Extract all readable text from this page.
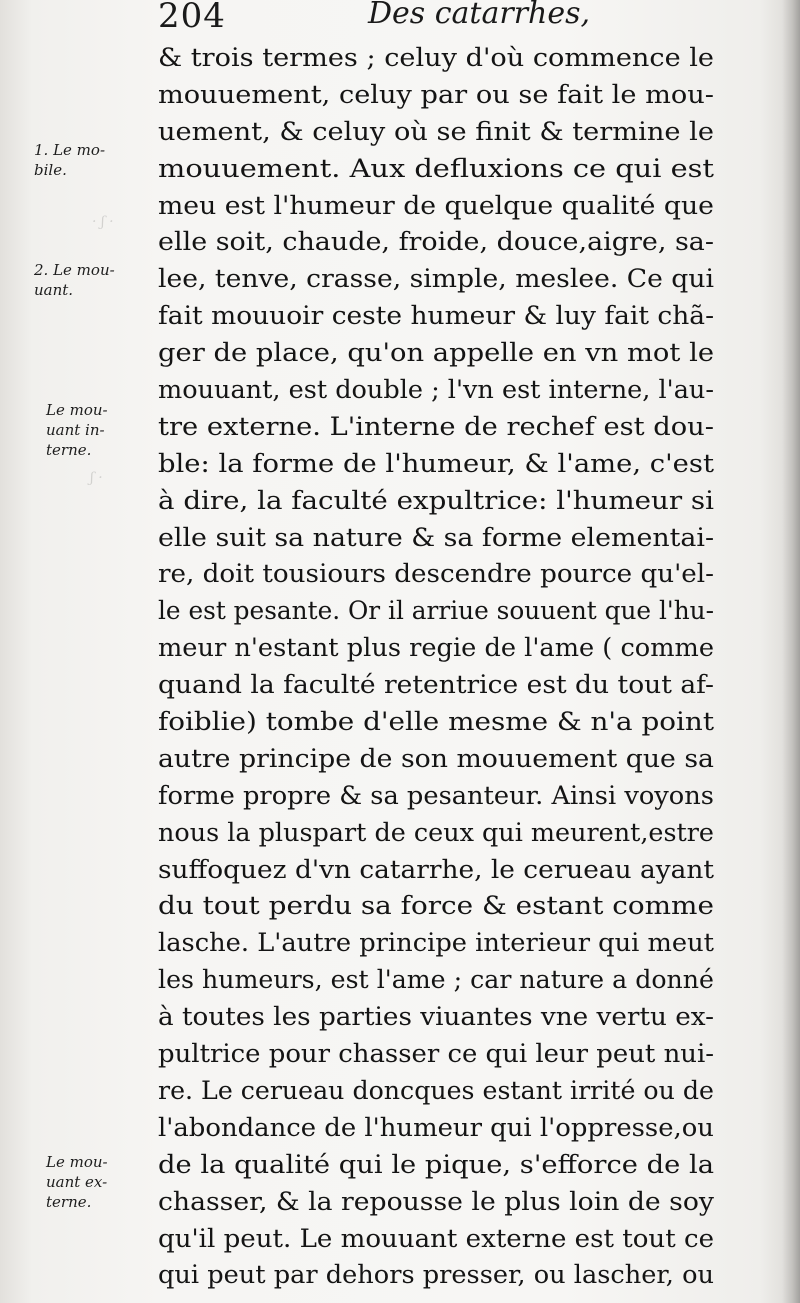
· ʃ ·
ʃ ·
204	Des catarrhes,
1. Le mo-
bile.
2. Le mou-
uant.
Le mou-
uant in-
terne.
Le mou-
uant ex-
terne.
& trois termes ; celuy d'où commence le
mouuement, celuy par ou se fait le mou-
uement, & celuy où se finit & termine le
mouuement. Aux defluxions ce qui est
meu est l'humeur de quelque qualité que
elle soit, chaude, froide, douce,aigre, sa-
lee, tenve, crasse, simple, meslee. Ce qui
fait mouuoir ceste humeur & luy fait chã-
ger de place, qu'on appelle en vn mot le
mouuant, est double ; l'vn est interne, l'au-
tre externe. L'interne de rechef est dou-
ble: la forme de l'humeur, & l'ame, c'est
à dire, la faculté expultrice: l'humeur si
elle suit sa nature & sa forme elementai-
re, doit tousiours descendre pource qu'el-
le est pesante. Or il arriue souuent que l'hu-
meur n'estant plus regie de l'ame ( comme
quand la faculté retentrice est du tout af-
foiblie) tombe d'elle mesme & n'a point
autre principe de son mouuement que sa
forme propre & sa pesanteur. Ainsi voyons
nous la pluspart de ceux qui meurent,estre
suffoquez d'vn catarrhe, le cerueau ayant
du tout perdu sa force & estant comme
lasche. L'autre principe interieur qui meut
les humeurs, est l'ame ; car nature a donné
à toutes les parties viuantes vne vertu ex-
pultrice pour chasser ce qui leur peut nui-
re. Le cerueau doncques estant irrité ou de
l'abondance de l'humeur qui l'oppresse,ou
de la qualité qui le pique, s'efforce de la
chasser, & la repousse le plus loin de soy
qu'il peut. Le mouuant externe est tout ce
qui peut par dehors presser, ou lascher, ou
